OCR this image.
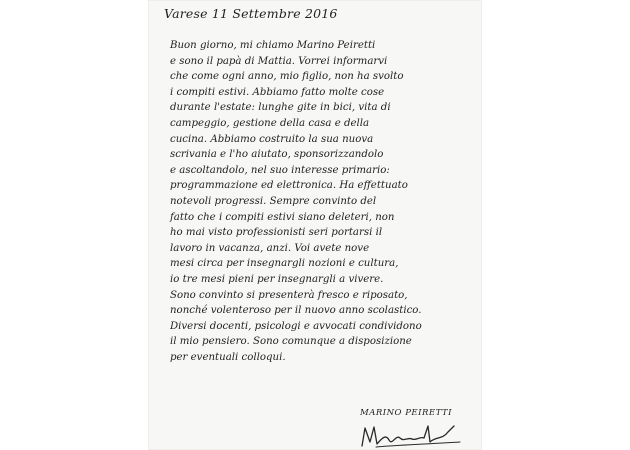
Varese 11 Settembre 2016
Buon giorno, mi chiamo Marino Peiretti
e sono il papà di Mattia. Vorrei informarvi
che come ogni anno, mio figlio, non ha svolto
i compiti estivi. Abbiamo fatto molte cose
durante l'estate: lunghe gite in bici, vita di
campeggio, gestione della casa e della
cucina. Abbiamo costruito la sua nuova
scrivania e l'ho aiutato, sponsorizzandolo
e ascoltandolo, nel suo interesse primario:
programmazione ed elettronica. Ha effettuato
notevoli progressi. Sempre convinto del
fatto che i compiti estivi siano deleteri, non
ho mai visto professionisti seri portarsi il
lavoro in vacanza, anzi. Voi avete nove
mesi circa per insegnargli nozioni e cultura,
io tre mesi pieni per insegnargli a vivere.
Sono convinto si presenterà fresco e riposato,
nonché volenteroso per il nuovo anno scolastico.
Diversi docenti, psicologi e avvocati condividono
il mio pensiero. Sono comunque a disposizione
per eventuali colloqui.
MARINO PEIRETTI
